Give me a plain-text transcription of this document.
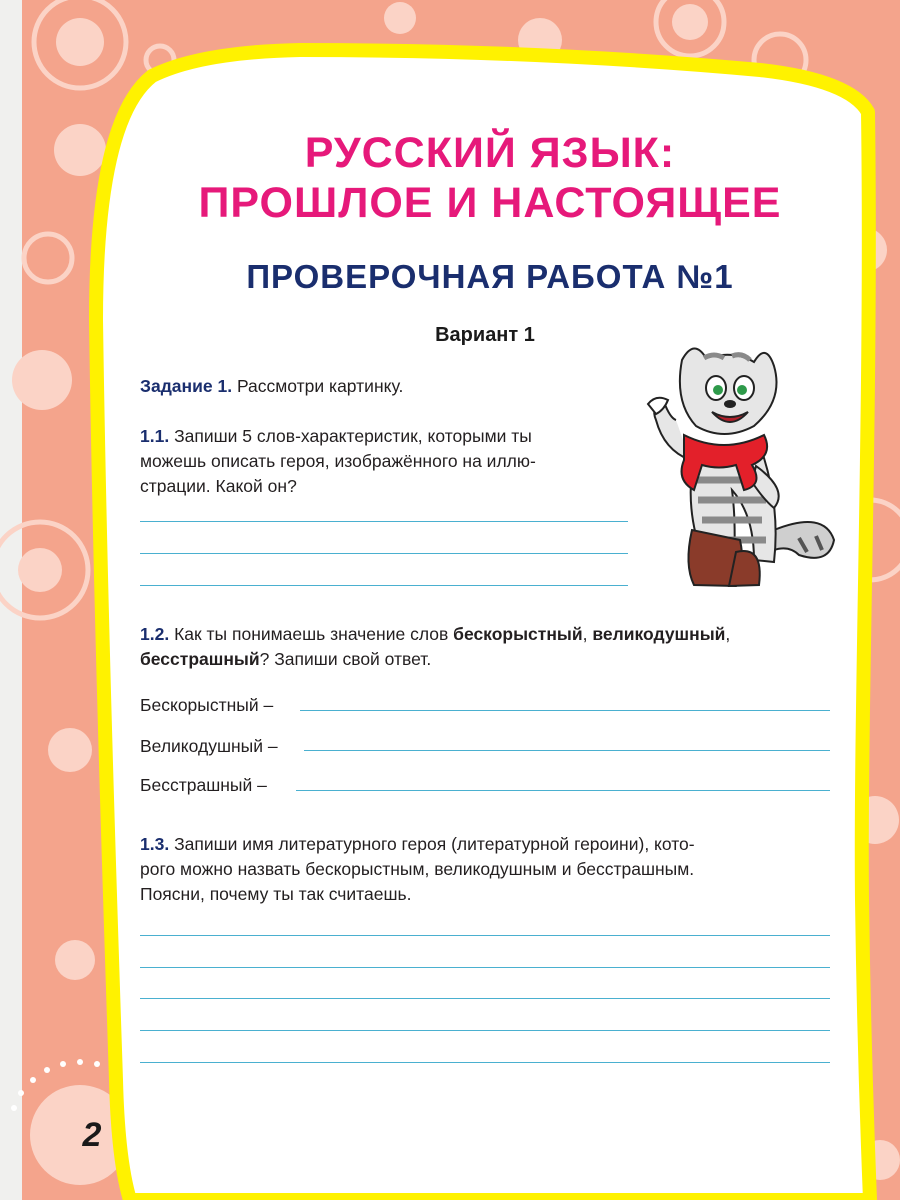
РУССКИЙ ЯЗЫК:
ПРОШЛОЕ И НАСТОЯЩЕЕ
ПРОВЕРОЧНАЯ РАБОТА №1
Вариант 1
Задание 1. Рассмотри картинку.
1.1. Запиши 5 слов-характеристик, которыми ты
можешь описать героя, изображённого на иллю-
страции. Какой он?
1.2. Как ты понимаешь значение слов бескорыстный, великодушный,
бесстрашный? Запиши свой ответ.
Бескорыстный –
Великодушный –
Бесстрашный –
1.3. Запиши имя литературного героя (литературной героини), кото-
рого можно назвать бескорыстным, великодушным и бесстрашным.
Поясни, почему ты так считаешь.
2
